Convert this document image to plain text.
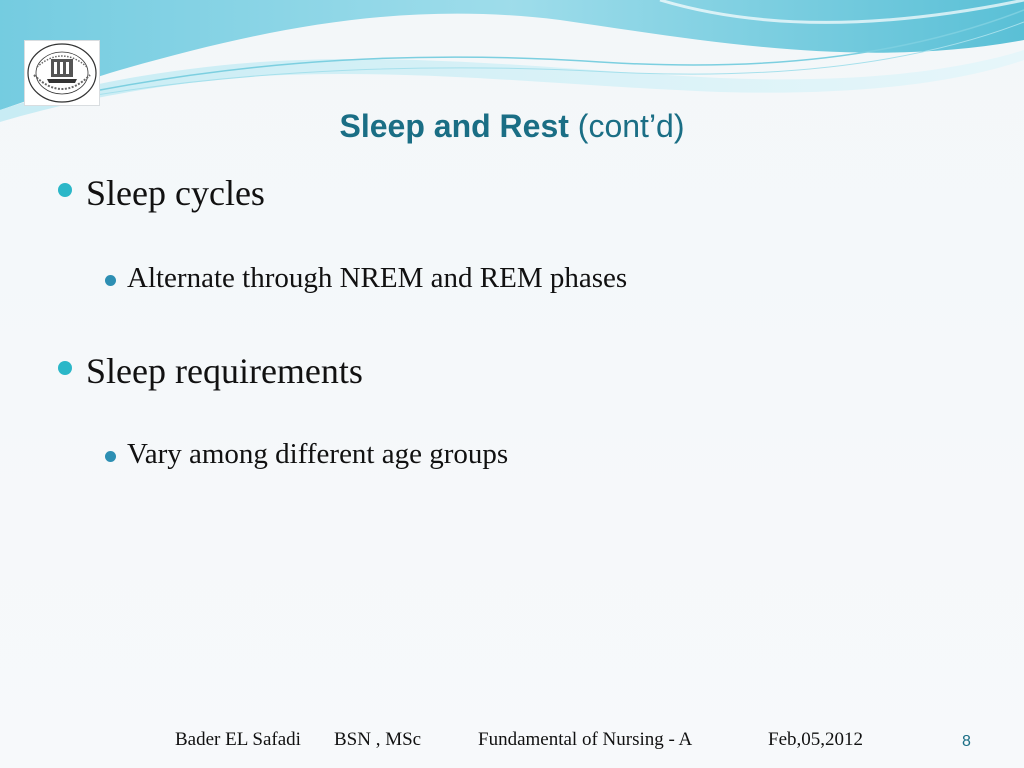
Sleep and Rest (cont’d)
Sleep cycles
Alternate through NREM and REM phases
Sleep requirements
Vary among different age groups
Bader EL Safadi BSN , MSc	Fundamental of Nursing - A	Feb,05,2012	8
